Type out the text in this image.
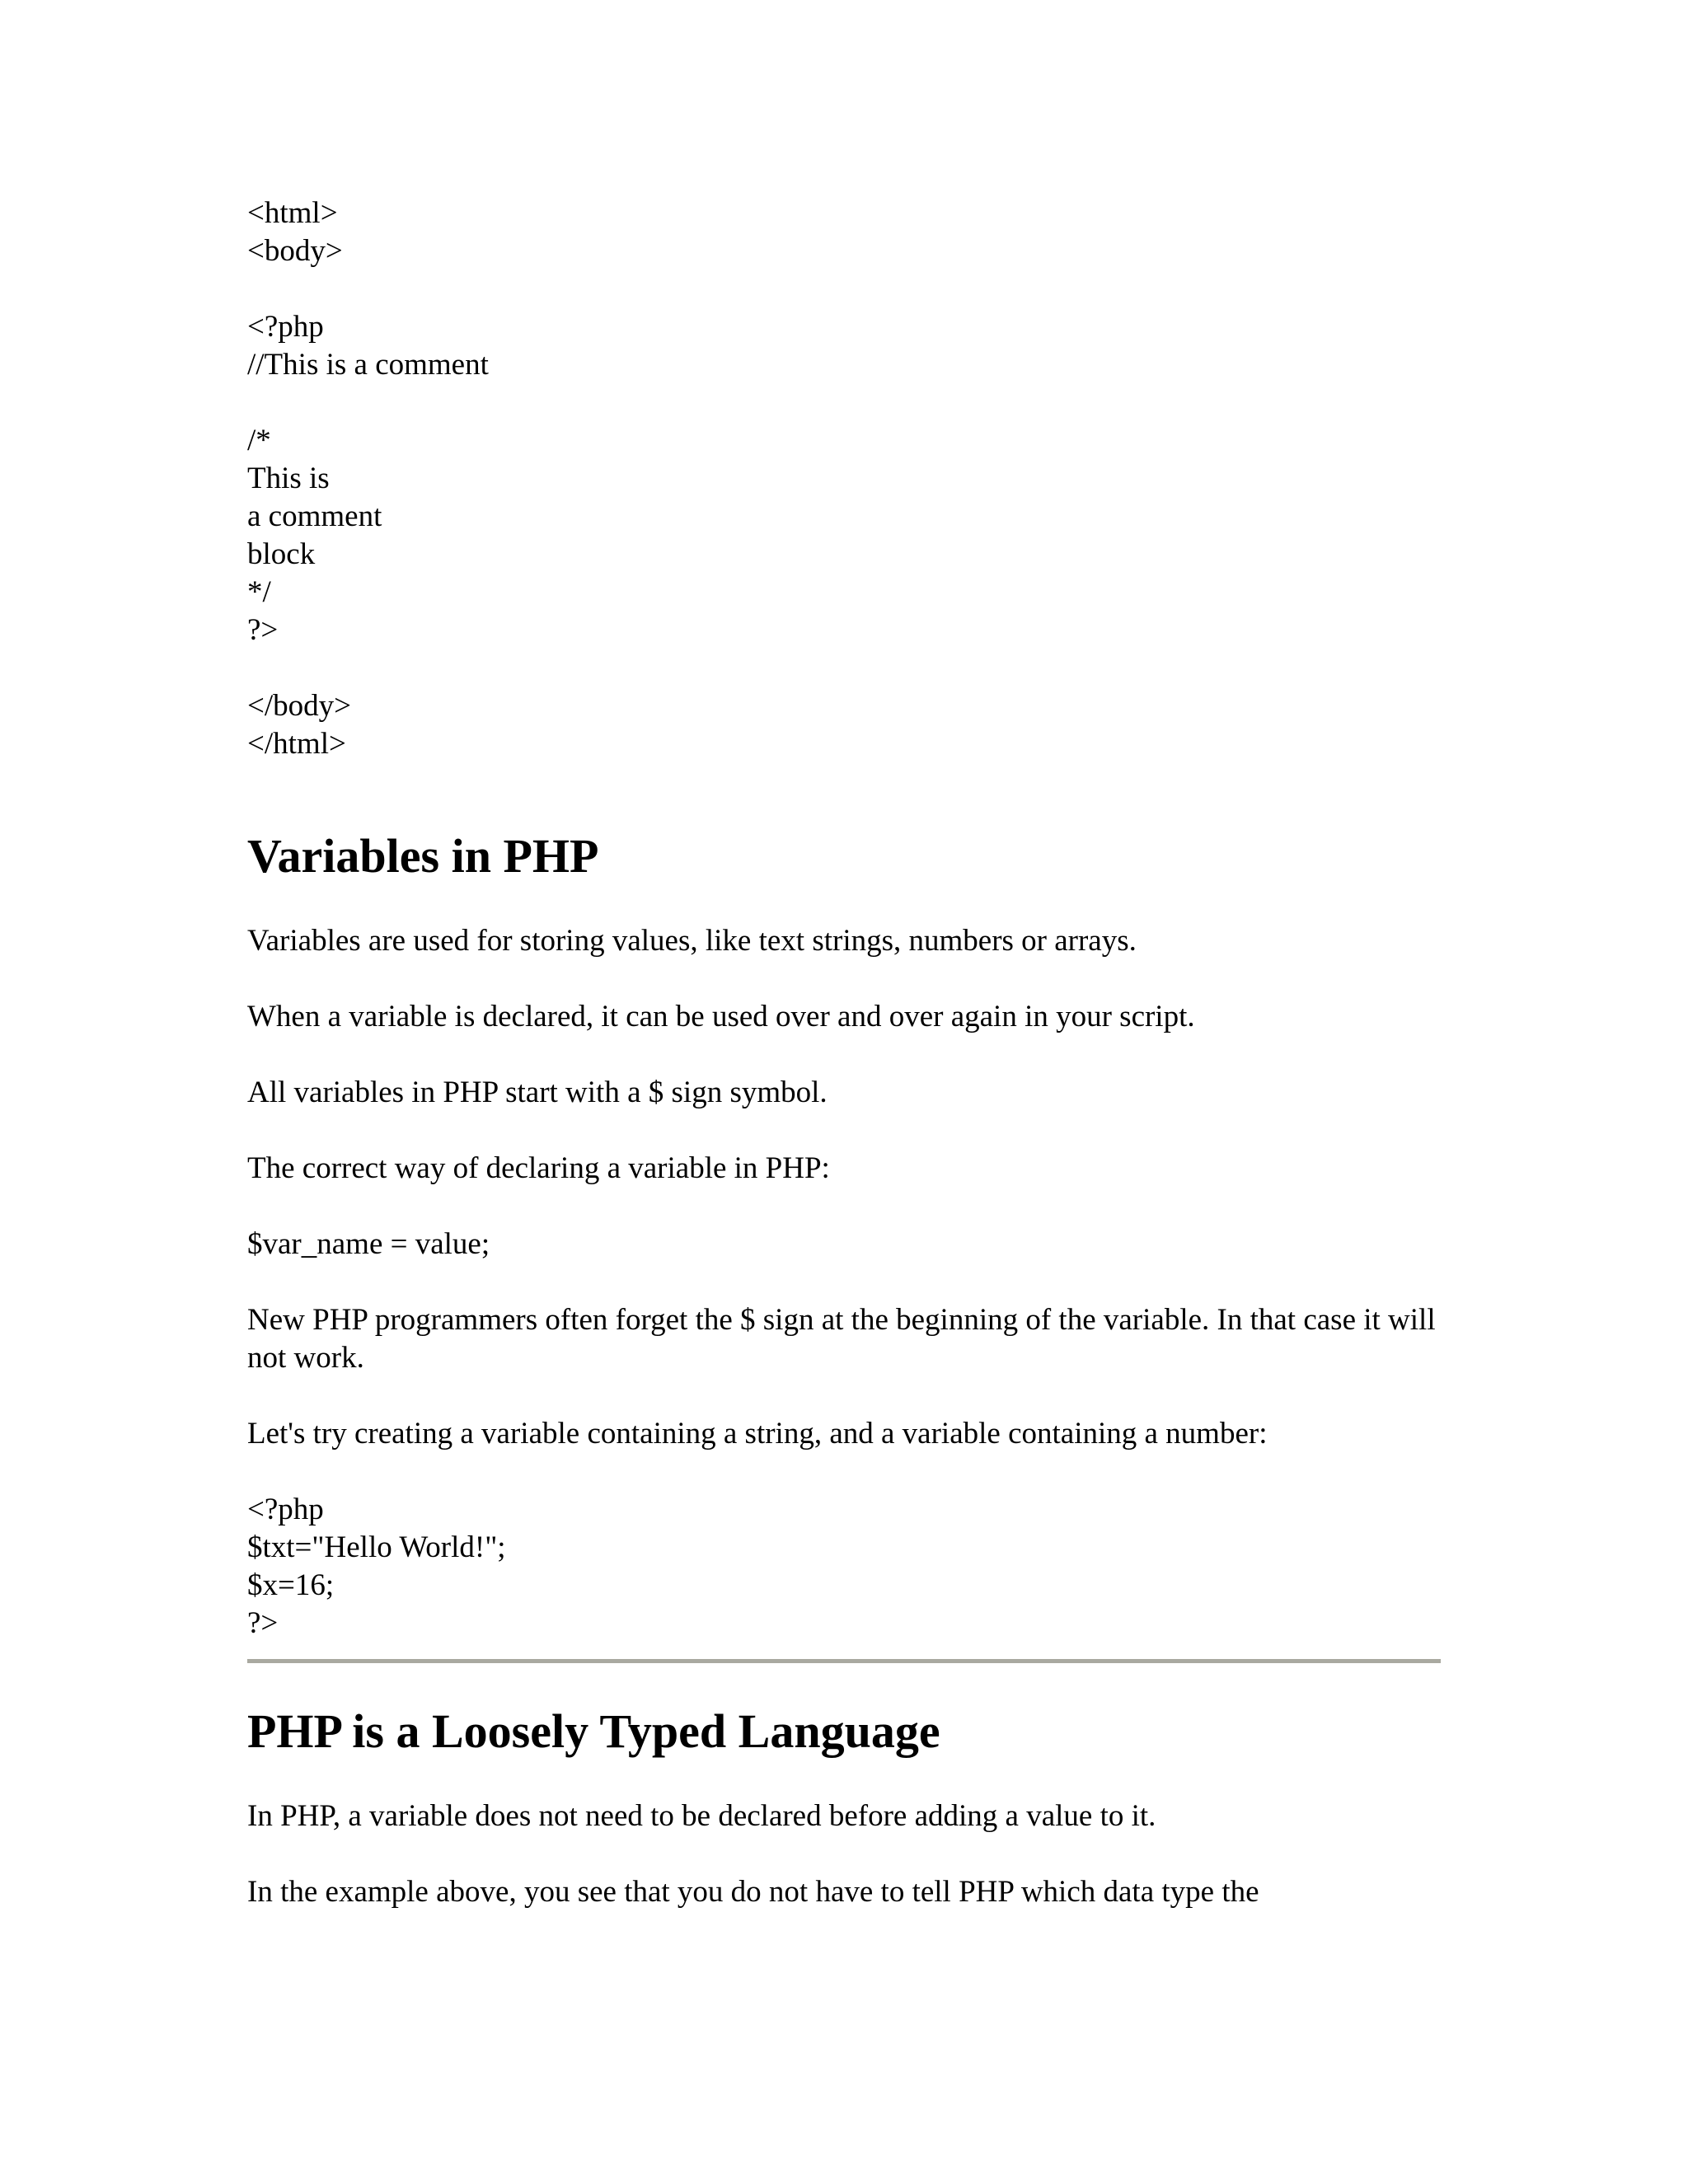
<html>
<body>
<?php
//This is a comment
/*
This is
a comment
block
*/
?>
</body>
</html>
Variables in PHP

Variables are used for storing values, like text strings, numbers or arrays.

When a variable is declared, it can be used over and over again in your script.

All variables in PHP start with a $ sign symbol.

The correct way of declaring a variable in PHP:

$var_name = value;

New PHP programmers often forget the $ sign at the beginning of the variable. In that case it will not work.

Let's try creating a variable containing a string, and a variable containing a number:

<?php
$txt="Hello World!";
$x=16;
?>
PHP is a Loosely Typed Language

In PHP, a variable does not need to be declared before adding a value to it.

In the example above, you see that you do not have to tell PHP which data type the
